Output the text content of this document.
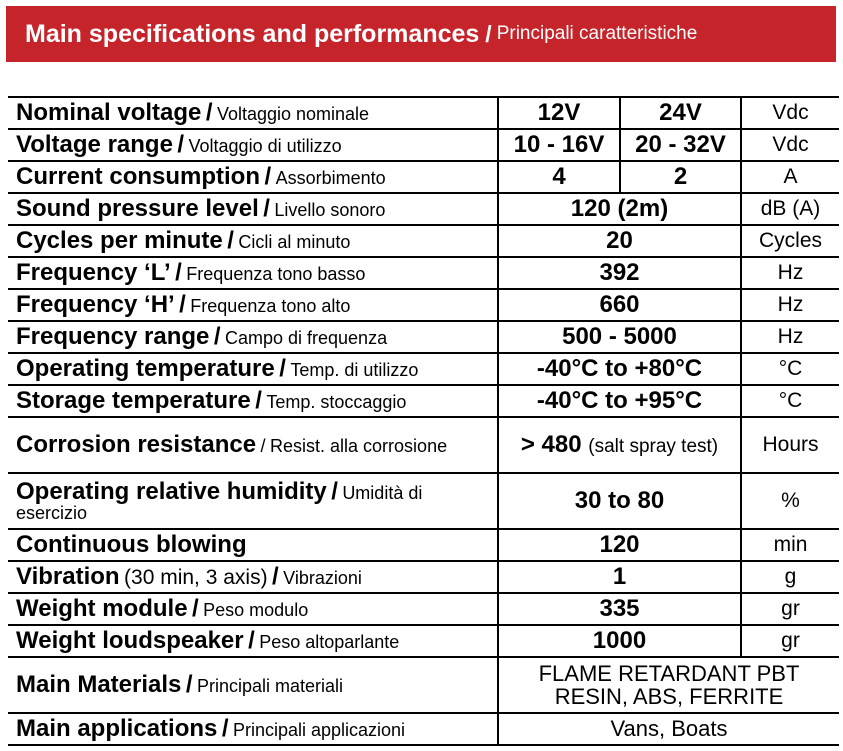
Main specifications and performances / Principali caratteristiche
Nominal voltage / Voltaggio nominale	12V	24V	Vdc
Voltage range / Voltaggio di utilizzo	10 - 16V	20 - 32V	Vdc
Current consumption / Assorbimento	4	2	A
Sound pressure level / Livello sonoro	120 (2m)		dB (A)
Cycles per minute / Cicli al minuto	20		Cycles
Frequency ‘L’ / Frequenza tono basso	392		Hz
Frequency ‘H’ / Frequenza tono alto	660		Hz
Frequency range / Campo di frequenza	500 - 5000		Hz
Operating temperature / Temp. di utilizzo	-40°C to +80°C		°C
Storage temperature / Temp. stoccaggio	-40°C to +95°C		°C
Corrosion resistance / Resist. alla corrosione	> 480 (salt spray test)		Hours
Operating relative humidity / Umidità di esercizio	30 to 80		%
Continuous blowing	120		min
Vibration (30 min, 3 axis) / Vibrazioni	1		g
Weight module / Peso modulo	335		gr
Weight loudspeaker / Peso altoparlante	1000		gr
Main Materials / Principali materiali	FLAME RETARDANT PBT
RESIN, ABS, FERRITE		
Main applications / Principali applicazioni	Vans, Boats		
